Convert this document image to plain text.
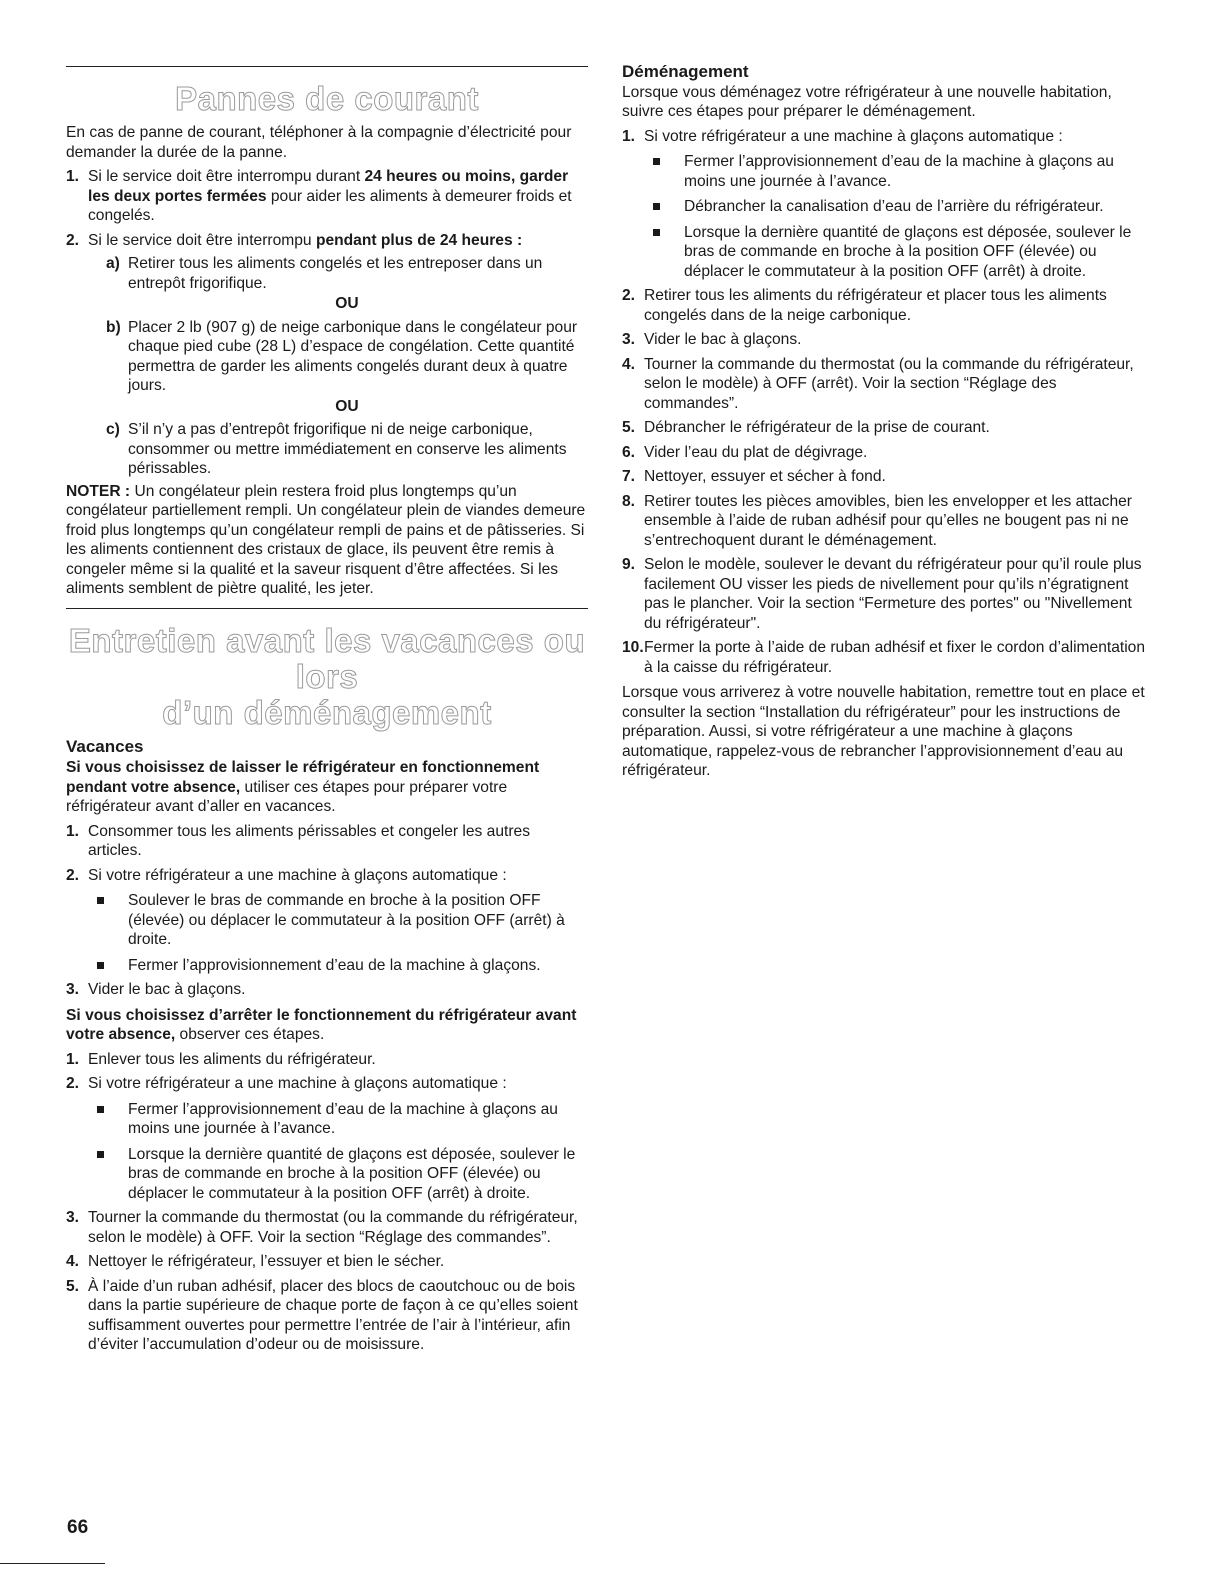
Pannes de courant

En cas de panne de courant, téléphoner à la compagnie d’électricité pour demander la durée de la panne.

1. Si le service doit être interrompu durant 24 heures ou moins, garder les deux portes fermées pour aider les aliments à demeurer froids et congelés.
2. Si le service doit être interrompu pendant plus de 24 heures :
a) Retirer tous les aliments congelés et les entreposer dans un entrepôt frigorifique.
OU
b) Placer 2 lb (907 g) de neige carbonique dans le congélateur pour chaque pied cube (28 L) d’espace de congélation. Cette quantité permettra de garder les aliments congelés durant deux à quatre jours.
OU
c) S’il n’y a pas d’entrepôt frigorifique ni de neige carbonique, consommer ou mettre immédiatement en conserve les aliments périssables.

NOTER : Un congélateur plein restera froid plus longtemps qu’un congélateur partiellement rempli. Un congélateur plein de viandes demeure froid plus longtemps qu’un congélateur rempli de pains et de pâtisseries. Si les aliments contiennent des cristaux de glace, ils peuvent être remis à congeler même si la qualité et la saveur risquent d’être affectées. Si les aliments semblent de piètre qualité, les jeter.

Entretien avant les vacances ou lors
d’un déménagement
Vacances

Si vous choisissez de laisser le réfrigérateur en fonctionnement pendant votre absence, utiliser ces étapes pour préparer votre réfrigérateur avant d’aller en vacances.

1. Consommer tous les aliments périssables et congeler les autres articles.
2. Si votre réfrigérateur a une machine à glaçons automatique :
Soulever le bras de commande en broche à la position OFF (élevée) ou déplacer le commutateur à la position OFF (arrêt) à droite.
Fermer l’approvisionnement d’eau de la machine à glaçons.
3. Vider le bac à glaçons.

Si vous choisissez d’arrêter le fonctionnement du réfrigérateur avant votre absence, observer ces étapes.

1. Enlever tous les aliments du réfrigérateur.
2. Si votre réfrigérateur a une machine à glaçons automatique :
Fermer l’approvisionnement d’eau de la machine à glaçons au moins une journée à l’avance.
Lorsque la dernière quantité de glaçons est déposée, soulever le bras de commande en broche à la position OFF (élevée) ou déplacer le commutateur à la position OFF (arrêt) à droite.
3. Tourner la commande du thermostat (ou la commande du réfrigérateur, selon le modèle) à OFF. Voir la section “Réglage des commandes”.
4. Nettoyer le réfrigérateur, l’essuyer et bien le sécher.
5. À l’aide d’un ruban adhésif, placer des blocs de caoutchouc ou de bois dans la partie supérieure de chaque porte de façon à ce qu’elles soient suffisamment ouvertes pour permettre l’entrée de l’air à l’intérieur, afin d’éviter l’accumulation d’odeur ou de moisissure.
Déménagement

Lorsque vous déménagez votre réfrigérateur à une nouvelle habitation, suivre ces étapes pour préparer le déménagement.

1. Si votre réfrigérateur a une machine à glaçons automatique :
Fermer l’approvisionnement d’eau de la machine à glaçons au moins une journée à l’avance.
Débrancher la canalisation d’eau de l’arrière du réfrigérateur.
Lorsque la dernière quantité de glaçons est déposée, soulever le bras de commande en broche à la position OFF (élevée) ou déplacer le commutateur à la position OFF (arrêt) à droite.
2. Retirer tous les aliments du réfrigérateur et placer tous les aliments congelés dans de la neige carbonique.
3. Vider le bac à glaçons.
4. Tourner la commande du thermostat (ou la commande du réfrigérateur, selon le modèle) à OFF (arrêt). Voir la section “Réglage des commandes”.
5. Débrancher le réfrigérateur de la prise de courant.
6. Vider l’eau du plat de dégivrage.
7. Nettoyer, essuyer et sécher à fond.
8. Retirer toutes les pièces amovibles, bien les envelopper et les attacher ensemble à l’aide de ruban adhésif pour qu’elles ne bougent pas ni ne s’entrechoquent durant le déménagement.
9. Selon le modèle, soulever le devant du réfrigérateur pour qu’il roule plus facilement OU visser les pieds de nivellement pour qu’ils n’égratignent pas le plancher. Voir la section “Fermeture des portes" ou "Nivellement du réfrigérateur".
10. Fermer la porte à l’aide de ruban adhésif et fixer le cordon d’alimentation à la caisse du réfrigérateur.

Lorsque vous arriverez à votre nouvelle habitation, remettre tout en place et consulter la section “Installation du réfrigérateur” pour les instructions de préparation. Aussi, si votre réfrigérateur a une machine à glaçons automatique, rappelez-vous de rebrancher l’approvisionnement d’eau au réfrigérateur.

66
